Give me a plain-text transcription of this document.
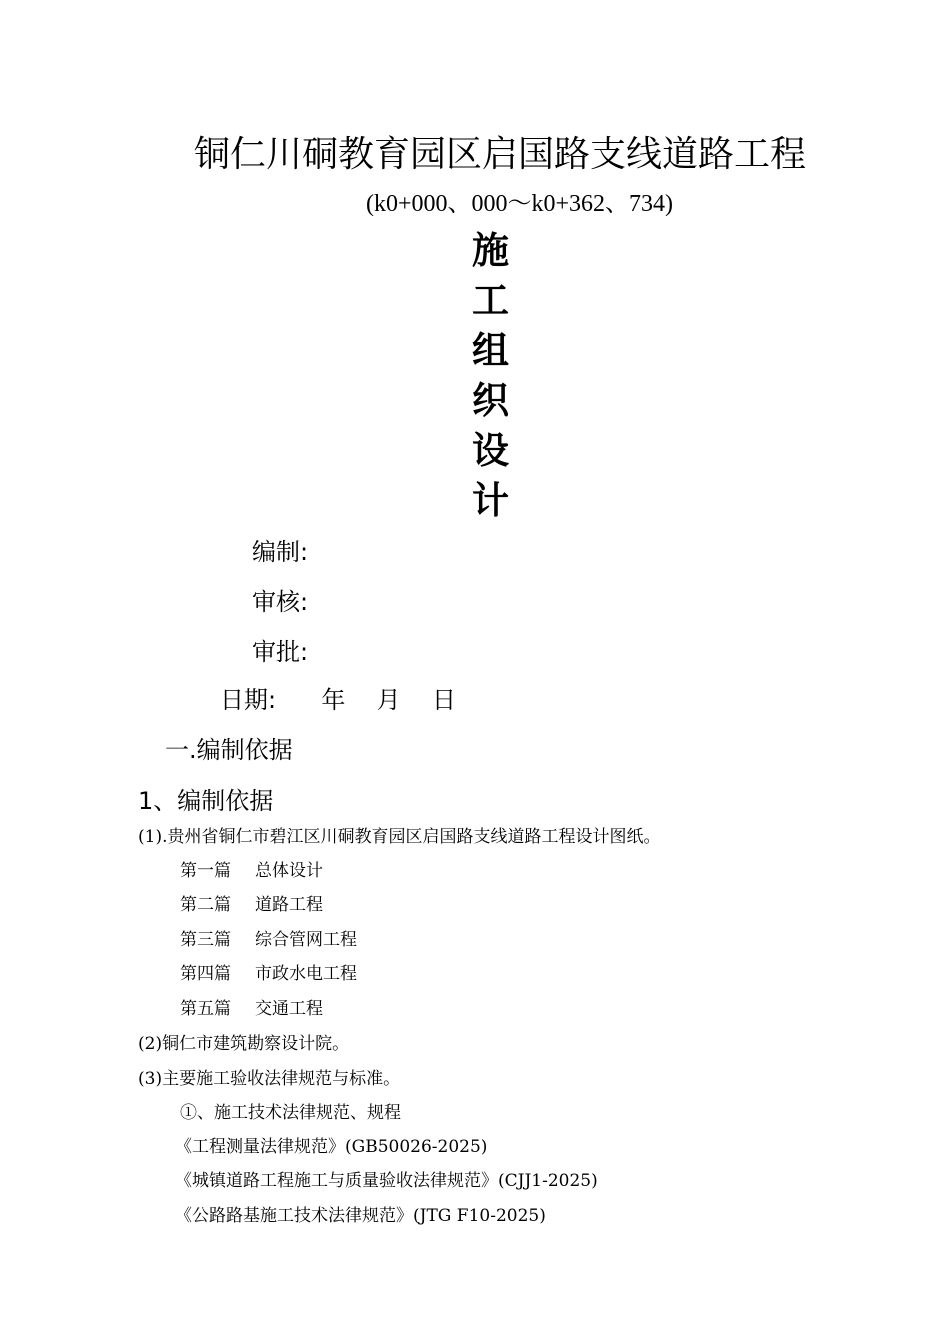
铜仁川硐教育园区启国路支线道路工程
(k0+000、000～k0+362、734)
施
工
组
织
设
计
编制:
审核:
审批:
日期: 年 月 日
一.编制依据
1、编制依据
(1).贵州省铜仁市碧江区川硐教育园区启国路支线道路工程设计图纸。
第一篇 总体设计
第二篇 道路工程
第三篇 综合管网工程
第四篇 市政水电工程
第五篇 交通工程
(2)铜仁市建筑勘察设计院。
(3)主要施工验收法律规范与标准。
①、施工技术法律规范、规程
《工程测量法律规范》(GB50026-2025)
《城镇道路工程施工与质量验收法律规范》(CJJ1-2025)
《公路路基施工技术法律规范》(JTG F10-2025)
